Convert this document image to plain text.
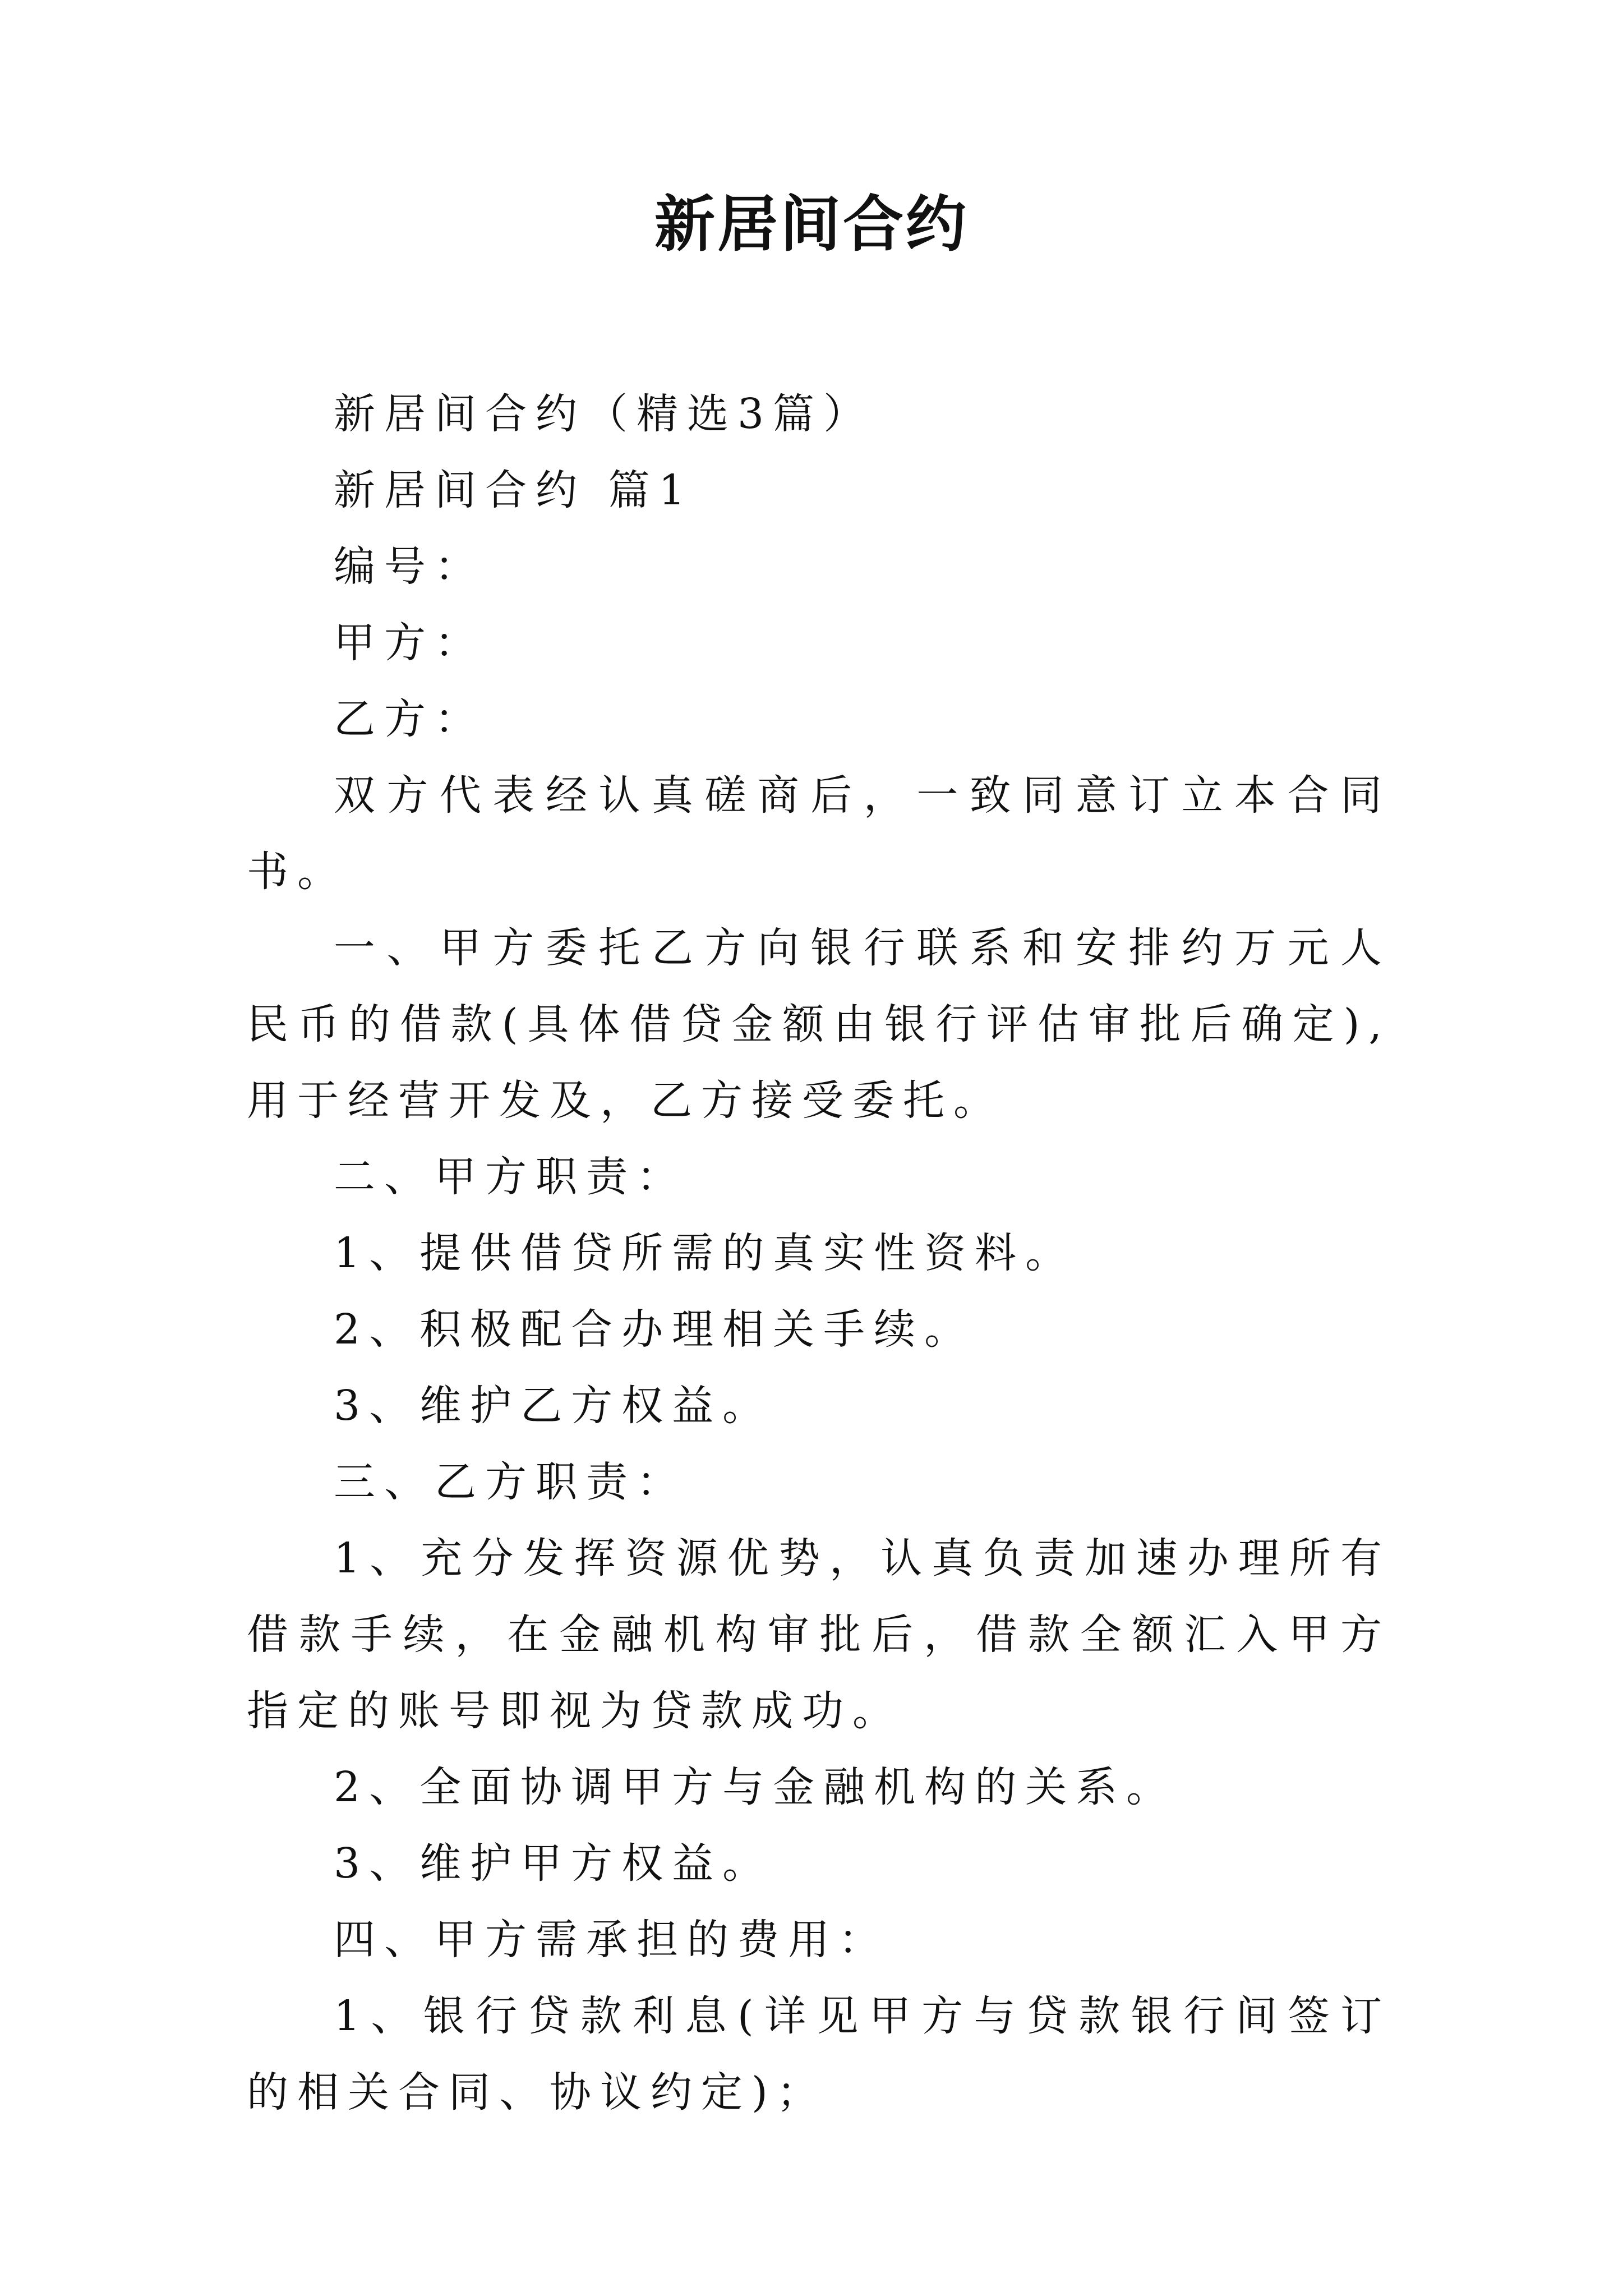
新居间合约

新居间合约（精选3篇）

新居间合约 篇1

编号：

甲方：

乙方：

双方代表经认真磋商后，一致同意订立本合同书。

一、甲方委托乙方向银行联系和安排约万元人民币的借款(具体借贷金额由银行评估审批后确定),用于经营开发及，乙方接受委托。

二、甲方职责：

1、提供借贷所需的真实性资料。

2、积极配合办理相关手续。

3、维护乙方权益。

三、乙方职责：

1、充分发挥资源优势，认真负责加速办理所有借款手续，在金融机构审批后，借款全额汇入甲方指定的账号即视为贷款成功。

2、全面协调甲方与金融机构的关系。

3、维护甲方权益。

四、甲方需承担的费用：

1、银行贷款利息(详见甲方与贷款银行间签订的相关合同、协议约定)；
